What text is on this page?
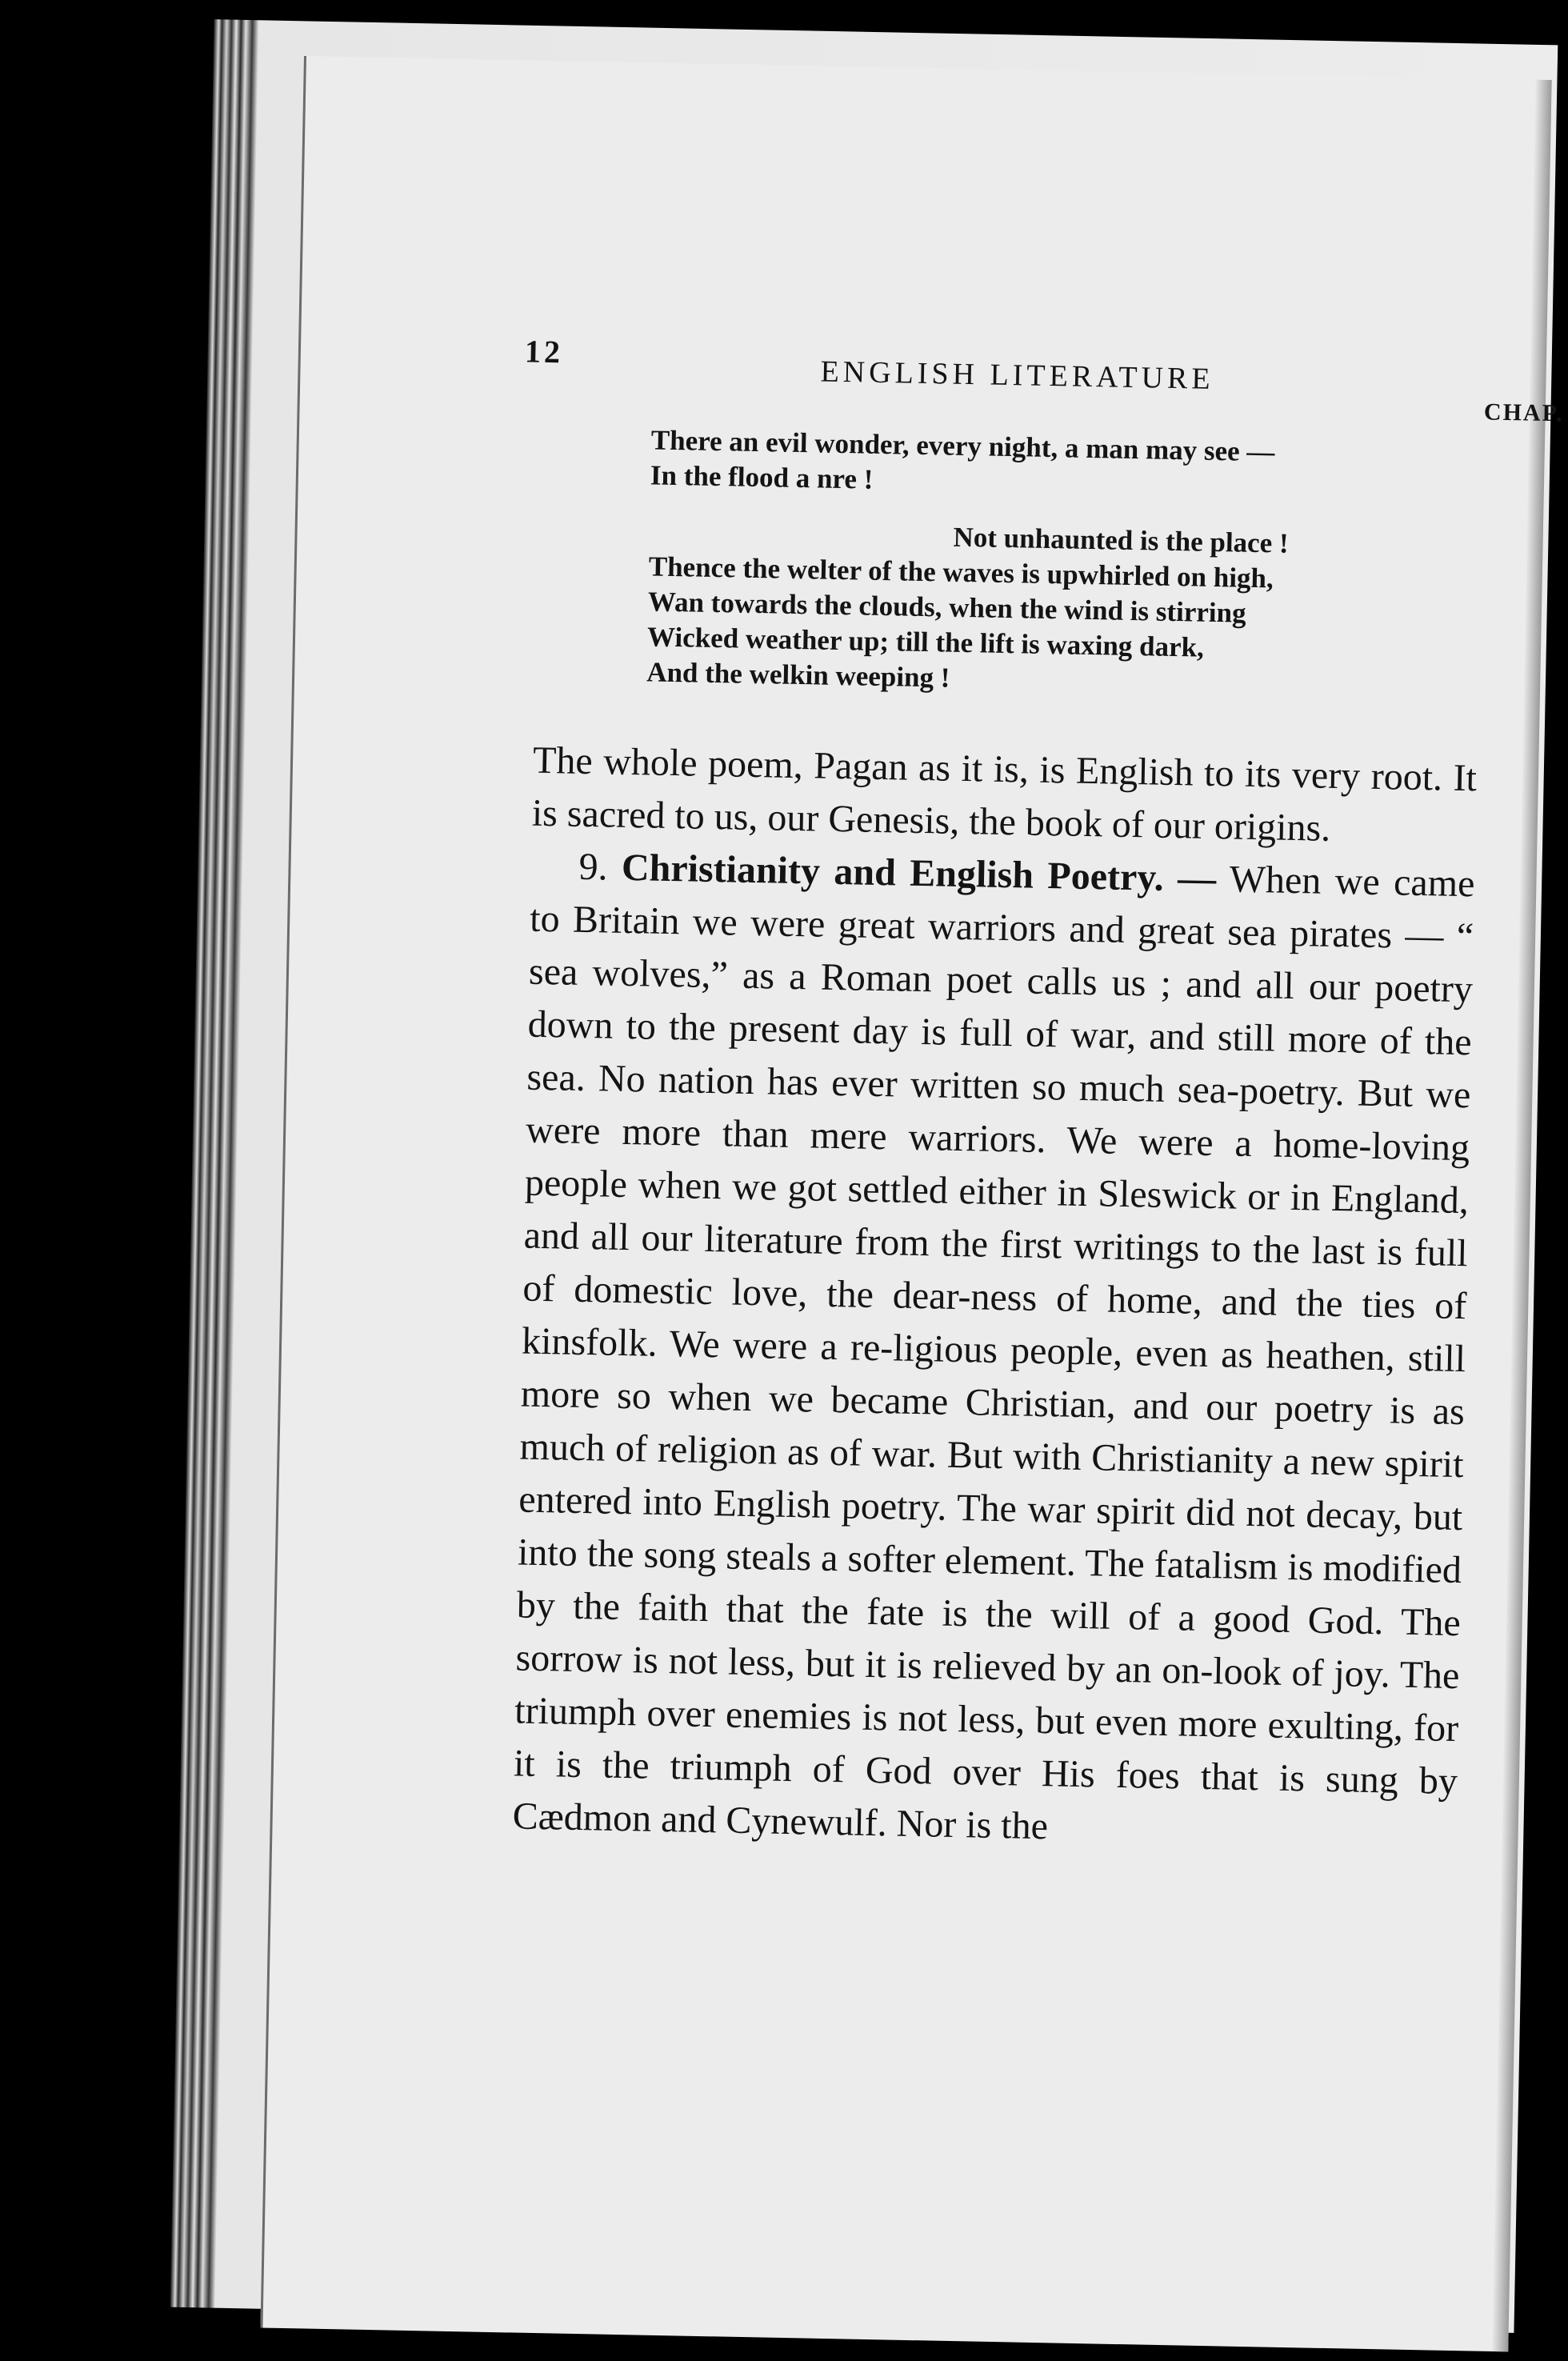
12
ENGLISH LITERATURE
CHAP.
There an evil wonder, every night, a man may see —
In the flood a nre !
Not unhaunted is the place !
Thence the welter of the waves is upwhirled on high,
Wan towards the clouds, when the wind is stirring
Wicked weather up; till the lift is waxing dark,
And the welkin weeping !

The whole poem, Pagan as it is, is English to its very root. It is sacred to us, our Genesis, the book of our origins.

9. Christianity and English Poetry. — When we came to Britain we were great warriors and great sea pirates — “ sea wolves,” as a Roman poet calls us ; and all our poetry down to the present day is full of war, and still more of the sea. No nation has ever written so much sea-poetry. But we were more than mere warriors. We were a home-loving people when we got settled either in Sleswick or in England, and all our literature from the first writings to the last is full of domestic love, the dear-ness of home, and the ties of kinsfolk. We were a re-ligious people, even as heathen, still more so when we became Christian, and our poetry is as much of religion as of war. But with Christianity a new spirit entered into English poetry. The war spirit did not decay, but into the song steals a softer element. The fatalism is modified by the faith that the fate is the will of a good God. The sorrow is not less, but it is relieved by an on-look of joy. The triumph over enemies is not less, but even more exulting, for it is the triumph of God over His foes that is sung by Cædmon and Cynewulf. Nor is the
